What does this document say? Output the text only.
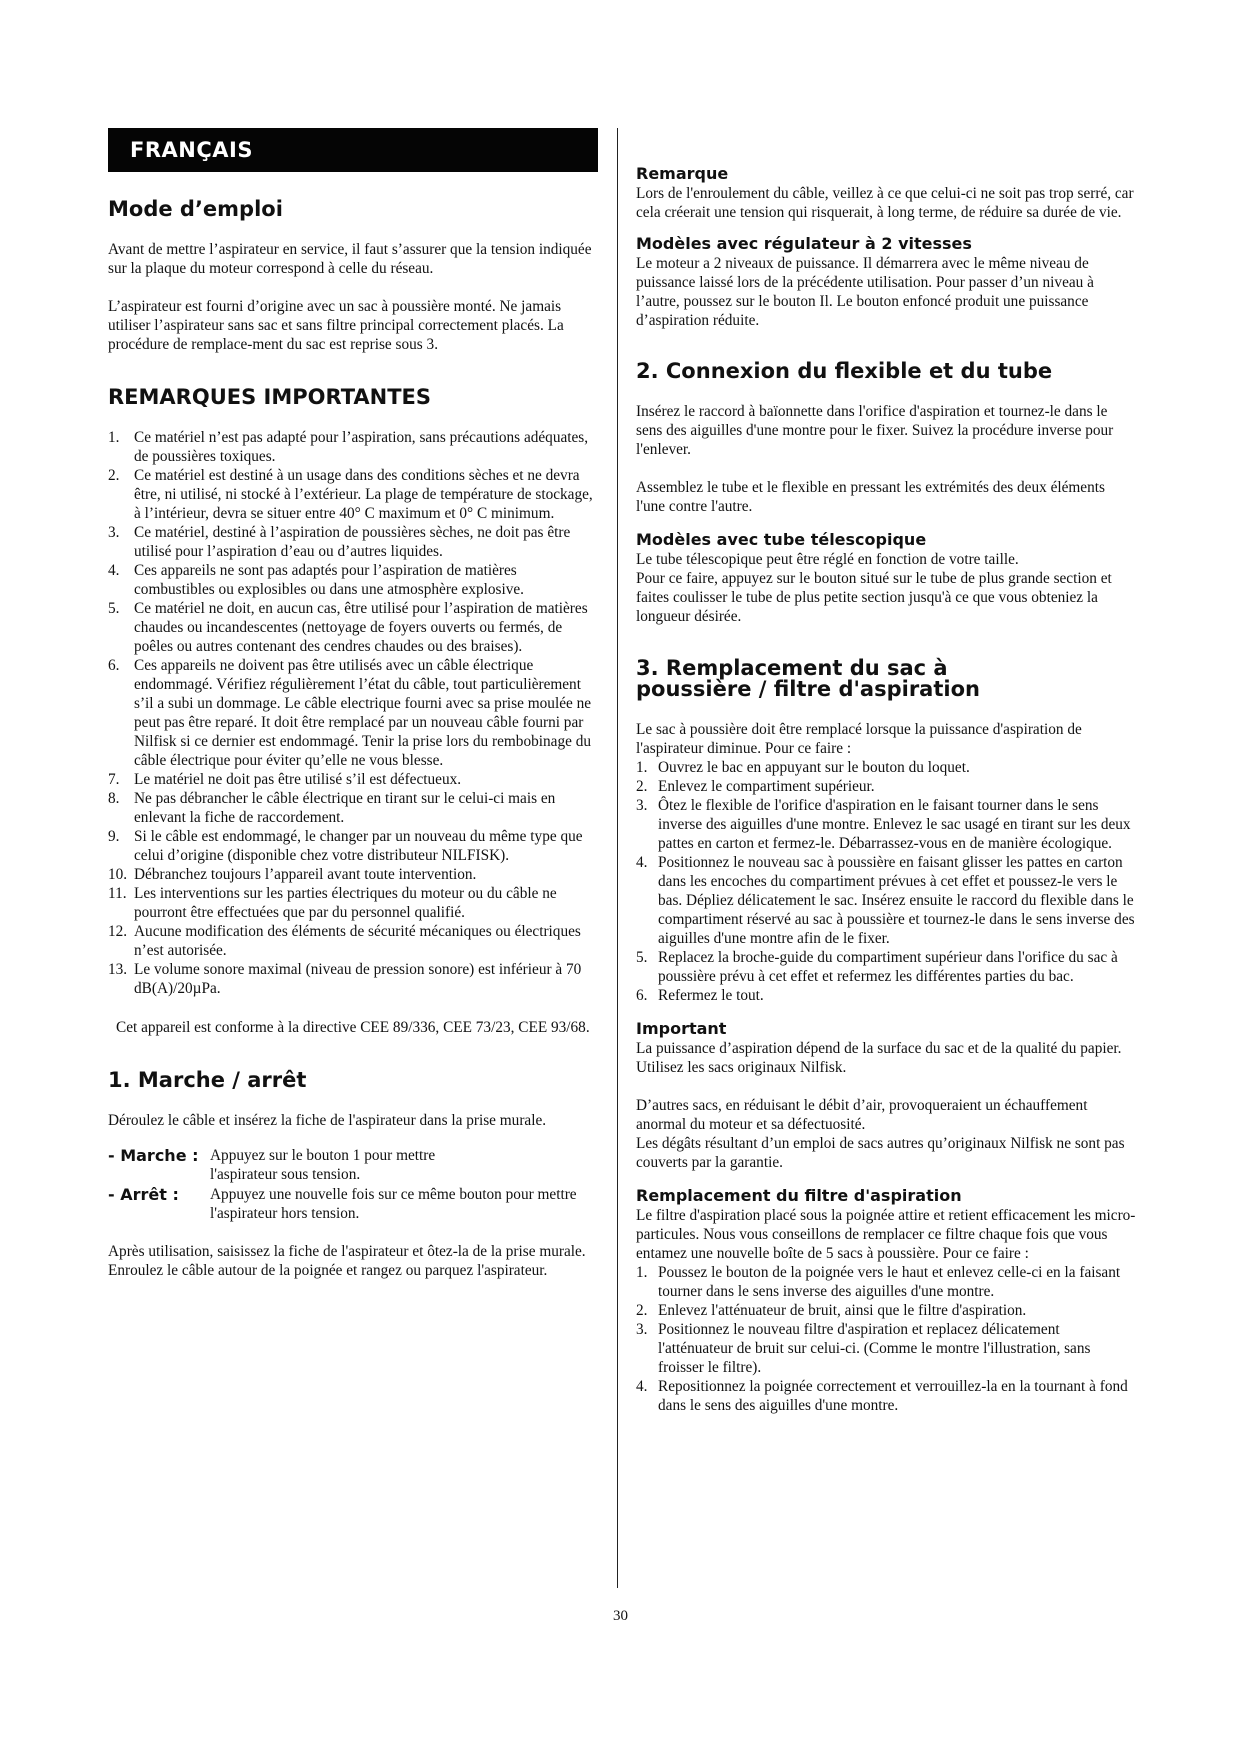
FRANÇAIS
Mode d’emploi

Avant de mettre l’aspirateur en service, il faut s’assurer que la tension indiquée sur la plaque du moteur correspond à celle du réseau.

L’aspirateur est fourni d’origine avec un sac à poussière monté. Ne jamais utiliser l’aspirateur sans sac et sans filtre principal correctement placés. La procédure de remplace-ment du sac est reprise sous 3.

REMARQUES IMPORTANTES
1. Ce matériel n’est pas adapté pour l’aspiration, sans précautions adéquates, de poussières toxiques.
2. Ce matériel est destiné à un usage dans des conditions sèches et ne devra être, ni utilisé, ni stocké à l’extérieur. La plage de température de stockage, à l’intérieur, devra se situer entre 40° C maximum et 0° C minimum.
3. Ce matériel, destiné à l’aspiration de poussières sèches, ne doit pas être utilisé pour l’aspiration d’eau ou d’autres liquides.
4. Ces appareils ne sont pas adaptés pour l’aspiration de matières combustibles ou explosibles ou dans une atmosphère explosive.
5. Ce matériel ne doit, en aucun cas, être utilisé pour l’aspiration de matières chaudes ou incandescentes (nettoyage de foyers ouverts ou fermés, de poêles ou autres contenant des cendres chaudes ou des braises).
6. Ces appareils ne doivent pas être utilisés avec un câble électrique endommagé. Vérifiez régulièrement l’état du câble, tout particulièrement s’il a subi un dommage. Le câble electrique fourni avec sa prise moulée ne peut pas être reparé. It doit être remplacé par un nouveau câble fourni par Nilfisk si ce dernier est endommagé. Tenir la prise lors du rembobinage du câble électrique pour éviter qu’elle ne vous blesse.
7. Le matériel ne doit pas être utilisé s’il est défectueux.
8. Ne pas débrancher le câble électrique en tirant sur le celui-ci mais en enlevant la fiche de raccordement.
9. Si le câble est endommagé, le changer par un nouveau du même type que celui d’origine (disponible chez votre distributeur NILFISK).
10. Débranchez toujours l’appareil avant toute intervention.
11. Les interventions sur les parties électriques du moteur ou du câble ne pourront être effectuées que par du personnel qualifié.
12. Aucune modification des éléments de sécurité mécaniques ou électriques n’est autorisée.
13. Le volume sonore maximal (niveau de pression sonore) est inférieur à 70 dB(A)/20µPa.

Cet appareil est conforme à la directive CEE 89/336, CEE 73/23, CEE 93/68.

1. Marche / arrêt

Déroulez le câble et insérez la fiche de l'aspirateur dans la prise murale.

- Marche : Appuyez sur le bouton 1 pour mettre l'aspirateur sous tension.
- Arrêt :	Appuyez une nouvelle fois sur ce même bouton pour mettre l'aspirateur hors tension.

Après utilisation, saisissez la fiche de l'aspirateur et ôtez-la de la prise murale.

Enroulez le câble autour de la poignée et rangez ou parquez l'aspirateur.

Remarque

Lors de l'enroulement du câble, veillez à ce que celui-ci ne soit pas trop serré, car cela créerait une tension qui risquerait, à long terme, de réduire sa durée de vie.

Modèles avec régulateur à 2 vitesses

Le moteur a 2 niveaux de puissance. Il démarrera avec le même niveau de puissance laissé lors de la précédente utilisation. Pour passer d’un niveau à l’autre, poussez sur le bouton Il. Le bouton enfoncé produit une puissance d’aspiration réduite.

2. Connexion du flexible et du tube

Insérez le raccord à baïonnette dans l'orifice d'aspiration et tournez-le dans le sens des aiguilles d'une montre pour le fixer. Suivez la procédure inverse pour l'enlever.

Assemblez le tube et le flexible en pressant les extrémités des deux éléments l'une contre l'autre.

Modèles avec tube télescopique

Le tube télescopique peut être réglé en fonction de votre taille.

Pour ce faire, appuyez sur le bouton situé sur le tube de plus grande section et faites coulisser le tube de plus petite section jusqu'à ce que vous obteniez la longueur désirée.

3. Remplacement du sac à poussière / filtre d'aspiration

Le sac à poussière doit être remplacé lorsque la puissance d'aspiration de l'aspirateur diminue. Pour ce faire :

1. Ouvrez le bac en appuyant sur le bouton du loquet.
2. Enlevez le compartiment supérieur.
3. Ôtez le flexible de l'orifice d'aspiration en le faisant tourner dans le sens inverse des aiguilles d'une montre. Enlevez le sac usagé en tirant sur les deux pattes en carton et fermez-le. Débarrassez-vous en de manière écologique.
4. Positionnez le nouveau sac à poussière en faisant glisser les pattes en carton dans les encoches du compartiment prévues à cet effet et poussez-le vers le bas. Dépliez délicatement le sac. Insérez ensuite le raccord du flexible dans le compartiment réservé au sac à poussière et tournez-le dans le sens inverse des aiguilles d'une montre afin de le fixer.
5. Replacez la broche-guide du compartiment supérieur dans l'orifice du sac à poussière prévu à cet effet et refermez les différentes parties du bac.
6. Refermez le tout.
Important

La puissance d’aspiration dépend de la surface du sac et de la qualité du papier. Utilisez les sacs originaux Nilfisk.

D’autres sacs, en réduisant le débit d’air, provoqueraient un échauffement anormal du moteur et sa défectuosité.

Les dégâts résultant d’un emploi de sacs autres qu’originaux Nilfisk ne sont pas couverts par la garantie.

Remplacement du filtre d'aspiration

Le filtre d'aspiration placé sous la poignée attire et retient efficacement les micro-particules. Nous vous conseillons de remplacer ce filtre chaque fois que vous entamez une nouvelle boîte de 5 sacs à poussière. Pour ce faire :

1. Poussez le bouton de la poignée vers le haut et enlevez celle-ci en la faisant tourner dans le sens inverse des aiguilles d'une montre.
2. Enlevez l'atténuateur de bruit, ainsi que le filtre d'aspiration.
3. Positionnez le nouveau filtre d'aspiration et replacez délicatement l'atténuateur de bruit sur celui-ci. (Comme le montre l'illustration, sans froisser le filtre).
4. Repositionnez la poignée correctement et verrouillez-la en la tournant à fond dans le sens des aiguilles d'une montre.
30
